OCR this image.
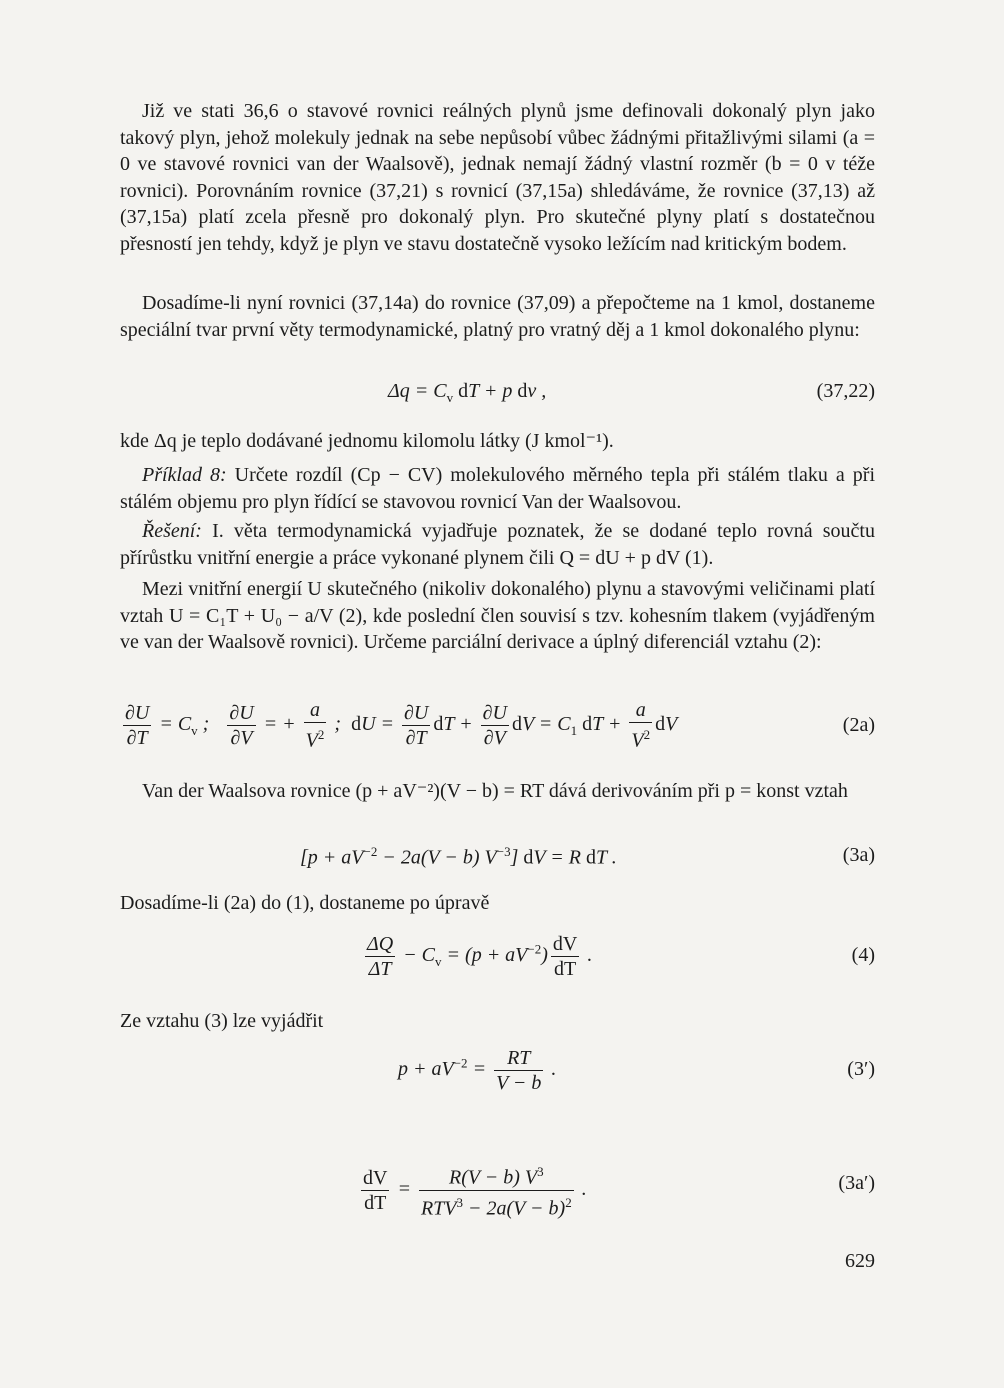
Již ve stati 36,6 o stavové rovnici reálných plynů jsme definovali dokonalý plyn jako takový plyn, jehož molekuly jednak na sebe nepůsobí vůbec žádnými přitažlivými silami (a = 0 ve stavové rovnici van der Waalsově), jednak nemají žádný vlastní rozměr (b = 0 v téže rovnici). Porovnáním rovnice (37,21) s rovnicí (37,15a) shledáváme, že rovnice (37,13) až (37,15a) platí zcela přesně pro dokonalý plyn. Pro skutečné plyny platí s dostatečnou přesností jen tehdy, když je plyn ve stavu dostatečně vysoko ležícím nad kritickým bodem.

Dosadíme-li nyní rovnici (37,14a) do rovnice (37,09) a přepočteme na 1 kmol, dostaneme speciální tvar první věty termodynamické, platný pro vratný děj a 1 kmol dokonalého plynu:

$\Delta q = C_v$ dT + p dv ,	(37,22)

kde Δq je teplo dodávané jednomu kilomolu látky (J kmol⁻¹).

Příklad 8: Určete rozdíl (Cp − CV) molekulového měrného tepla při stálém tlaku a při stálém objemu pro plyn řídící se stavovou rovnicí Van der Waalsovou.

Řešení: I. věta termodynamická vyjadřuje poznatek, že se dodané teplo rovná součtu přírůstku vnitřní energie a práce vykonané plynem čili Q = dU + p dV (1).

Mezi vnitřní energií U skutečného (nikoliv dokonalého) plynu a stavovými veličinami platí vztah U = C₁T + U₀ − a/V (2), kde poslední člen souvisí s tzv. kohesním tlakem (vyjádřeným ve van der Waalsově rovnici). Určeme parciální derivace a úplný diferenciál vztahu (2):

$\frac{\partial U}{\partial T} = C_v$ ; $\frac{\partial U}{\partial V}$ = + $\frac{a}{V^2}$ ;  dU = $\frac{\partial U}{\partial T}$ dT + $\frac{\partial U}{\partial V}$ dV = $C_1$ dT + $\frac{a}{V^2}$ dV	(2a)

Van der Waalsova rovnice (p + aV⁻²)(V − b) = RT dává derivováním při p = konst vztah

[$p + aV^{-2} - 2a(V - b)$ $V^{-3}$] dV = R dT .	(3a)

Dosadíme-li (2a) do (1), dostaneme po úpravě

$\frac{\Delta Q}{\Delta T} - C_v = (p + aV^{-2}) \frac{dV}{dT}$ .	(4)

Ze vztahu (3) lze vyjádřit

$p + aV^{-2} = \frac{RT}{V - b}$ .	(3′)
$\frac{dV}{dT} = \frac{R(V - b) V^3}{RTV^3 - 2a(V - b)^2}$ .	(3a′)
629
